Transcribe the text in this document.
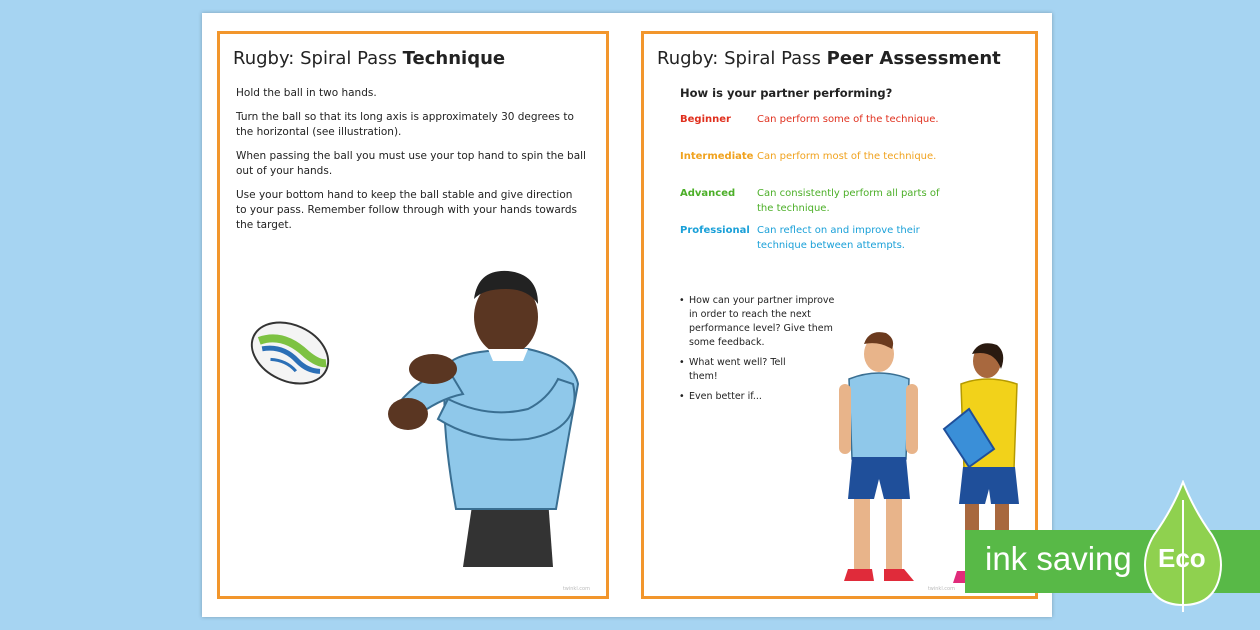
Rugby: Spiral Pass Technique
Hold the ball in two hands.
Turn the ball so that its long axis is approximately 30 degrees to the horizontal (see illustration).
When passing the ball you must use your top hand to spin the ball out of your hands.
Use your bottom hand to keep the ball stable and give direction to your pass. Remember follow through with your hands towards the target.
twinkl.com
Rugby: Spiral Pass Peer Assessment
How is your partner performing?
Beginner	Can perform some of the technique.
Intermediate Can perform most of the technique.
Advanced Can consistently perform all parts of the technique.
Professional Can reflect on and improve their technique between attempts.
• How can your partner improve in order to reach the next performance level? Give them some feedback.
• What went well? Tell them!
• Even better if...
twinkl.com
ink saving Eco
